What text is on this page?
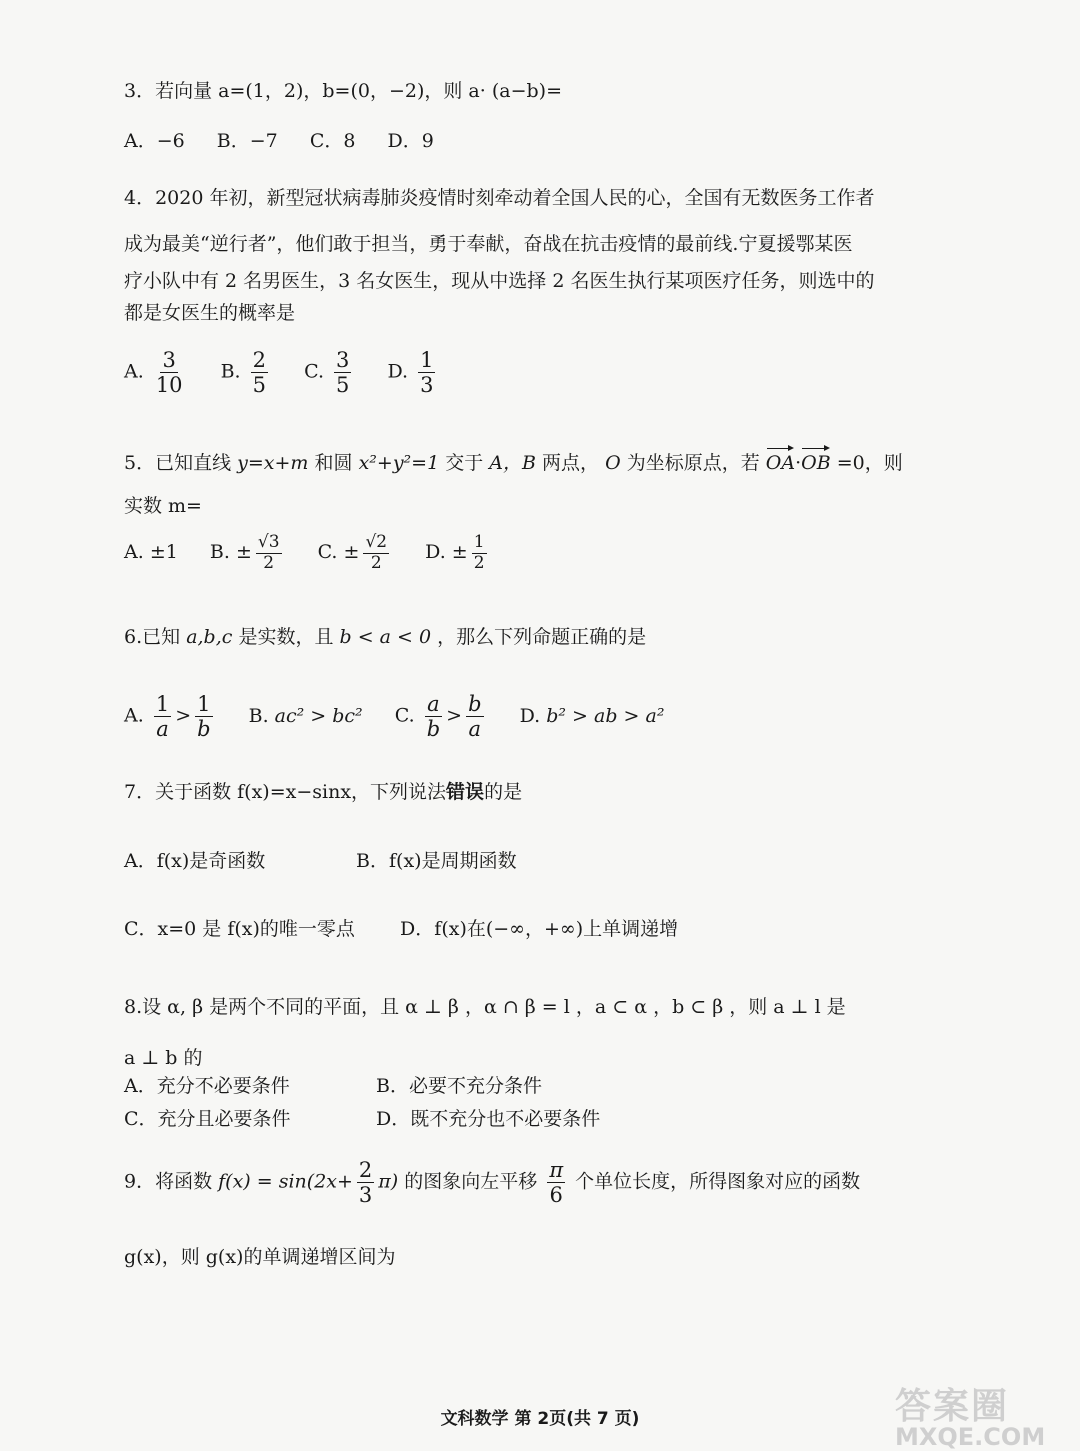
3．若向量 a=(1，2)，b=(0，−2)，则 a· (a−b)=
A．−6 B．−7 C．8 D．9
4．2020 年初，新型冠状病毒肺炎疫情时刻牵动着全国人民的心，全国有无数医务工作者
成为最美“逆行者”，他们敢于担当，勇于奉献，奋战在抗击疫情的最前线.宁夏援鄂某医
疗小队中有 2 名男医生，3 名女医生，现从中选择 2 名医生执行某项医疗任务，则选中的
都是女医生的概率是
A. $\frac{3}{10} B$. $\frac{2}{5} C$. $\frac{3}{5} D$. $\frac{1}{3}$
5．已知直线 y=x+m 和圆 x²+y²=1 交于 A，B 两点， O 为坐标原点，若 OA·OB =0，则
实数 m=
A. ±1 B. ± $\frac{√3}{2} C$. ± $\frac{√2}{2} D$. ± $\frac{1}{2}$
6.已知 a,b,c 是实数，且 b < a < 0 ，那么下列命题正确的是
A. $\frac{1}{a} > \frac{1}{b} B$. ac² > bc² C. $\frac{a}{b} > \frac{b}{a} D$. b² > ab > a²
7．关于函数 f(x)=x−sinx，下列说法错误的是
A．f(x)是奇函数	B．f(x)是周期函数
C．x=0 是 f(x)的唯一零点 D．f(x)在(−∞，+∞)上单调递增
8.设 α, β 是两个不同的平面，且 α ⊥ β ，α ∩ β = l ，a ⊂ α ，b ⊂ β ，则 a ⊥ l 是
a ⊥ b 的
A．充分不必要条件	B．必要不充分条件
C．充分且必要条件	D．既不充分也不必要条件
9．将函数 $f(x) = \sin(2x+ \frac{2}{3} \pi)$ 的图象向左平移 $\frac{\pi}{6}$ 个单位长度，所得图象对应的函数
g(x)，则 g(x)的单调递增区间为
文科数学 第 2页(共 7 页)	答案圈
MXQE.COM
